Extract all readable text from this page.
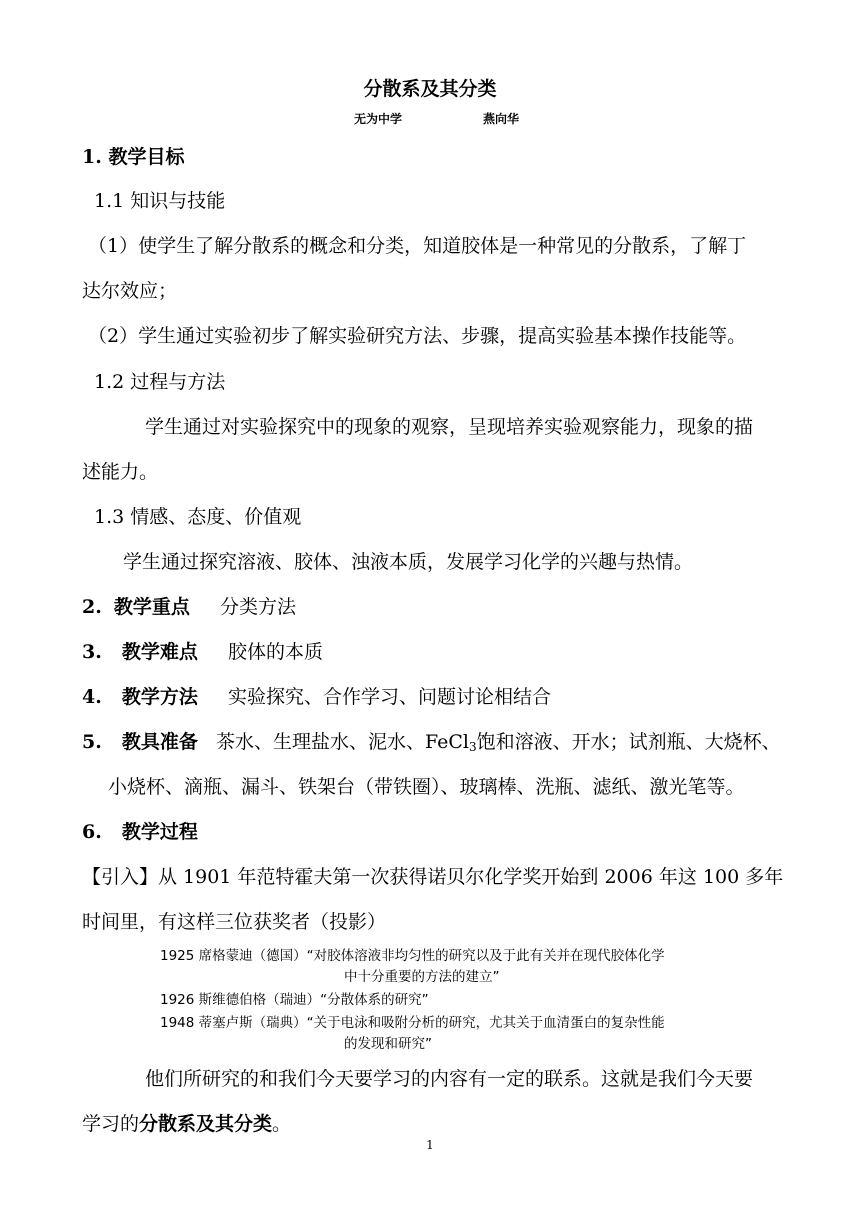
分散系及其分类
无为中学	燕向华
1. 教学目标
1.1 知识与技能
（1）使学生了解分散系的概念和分类，知道胶体是一种常见的分散系，了解丁
达尔效应；
（2）学生通过实验初步了解实验研究方法、步骤，提高实验基本操作技能等。
1.2 过程与方法
学生通过对实验探究中的现象的观察，呈现培养实验观察能力，现象的描
述能力。
1.3 情感、态度、价值观
学生通过探究溶液、胶体、浊液本质，发展学习化学的兴趣与热情。
2. 教学重点 分类方法
3. 教学难点 胶体的本质
4. 教学方法 实验探究、合作学习、问题讨论相结合
5. 教具准备 茶水、生理盐水、泥水、FeCl$_3$饱和溶液、开水；试剂瓶、大烧杯、
小烧杯、滴瓶、漏斗、铁架台（带铁圈）、玻璃棒、洗瓶、滤纸、激光笔等。
6. 教学过程
【引入】从 1901 年范特霍夫第一次获得诺贝尔化学奖开始到 2006 年这 100 多年
时间里，有这样三位获奖者（投影）
1925 席格蒙迪（德国）“对胶体溶液非均匀性的研究以及于此有关并在现代胶体化学
中十分重要的方法的建立”
1926 斯维德伯格（瑞迪）“分散体系的研究”
1948 蒂塞卢斯（瑞典）“关于电泳和吸附分析的研究，尤其关于血清蛋白的复杂性能
的发现和研究”
他们所研究的和我们今天要学习的内容有一定的联系。这就是我们今天要
学习的分散系及其分类。
1
